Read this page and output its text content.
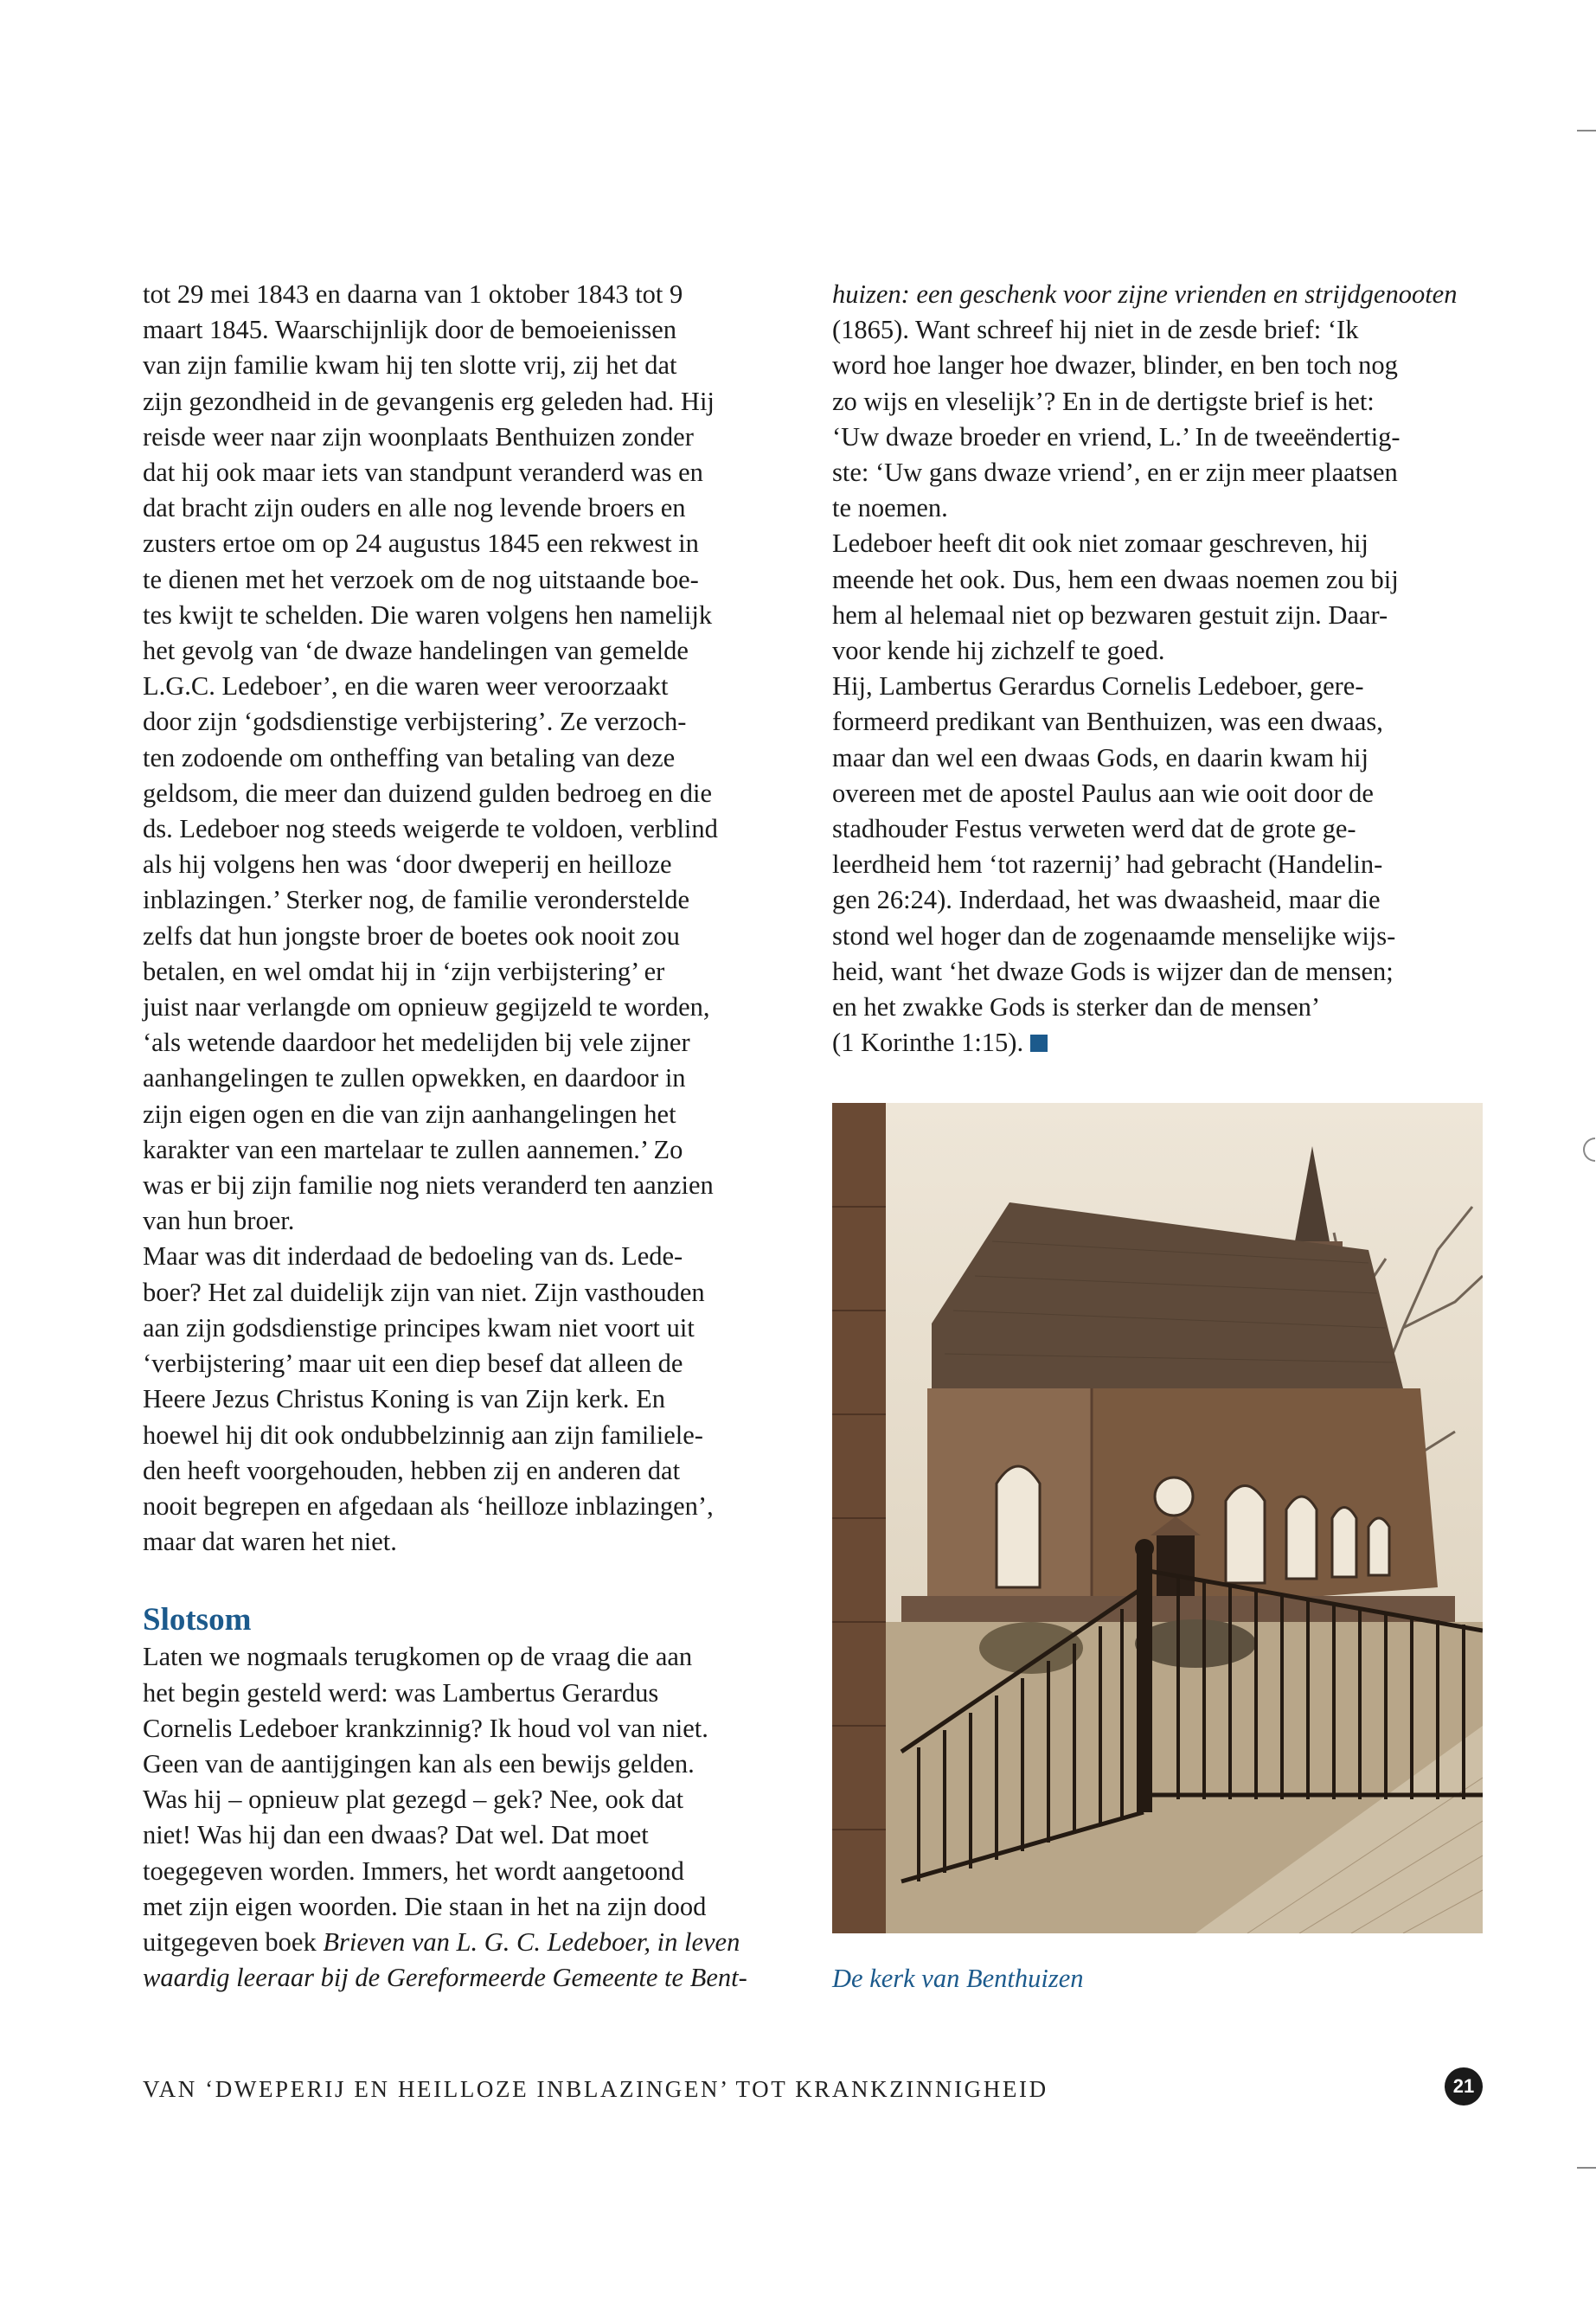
tot 29 mei 1843 en daarna van 1 oktober 1843 tot 9

maart 1845. Waarschijnlijk door de bemoeienissen

van zijn familie kwam hij ten slotte vrij, zij het dat

zijn gezondheid in de gevangenis erg geleden had. Hij

reisde weer naar zijn woonplaats Benthuizen zonder

dat hij ook maar iets van standpunt veranderd was en

dat bracht zijn ouders en alle nog levende broers en

zusters ertoe om op 24 augustus 1845 een rekwest in

te dienen met het verzoek om de nog uitstaande boe-

tes kwijt te schelden. Die waren volgens hen namelijk

het gevolg van ‘de dwaze handelingen van gemelde

L.G.C. Ledeboer’, en die waren weer veroorzaakt

door zijn ‘godsdienstige verbijstering’. Ze verzoch-

ten zodoende om ontheffing van betaling van deze

geldsom, die meer dan duizend gulden bedroeg en die

ds. Ledeboer nog steeds weigerde te voldoen, verblind

als hij volgens hen was ‘door dweperij en heilloze

inblazingen.’ Sterker nog, de familie veronderstelde

zelfs dat hun jongste broer de boetes ook nooit zou

betalen, en wel omdat hij in ‘zijn verbijstering’ er

juist naar verlangde om opnieuw gegijzeld te worden,

‘als wetende daardoor het medelijden bij vele zijner

aanhangelingen te zullen opwekken, en daardoor in

zijn eigen ogen en die van zijn aanhangelingen het

karakter van een martelaar te zullen aannemen.’ Zo

was er bij zijn familie nog niets veranderd ten aanzien

van hun broer.

Maar was dit inderdaad de bedoeling van ds. Lede-

boer? Het zal duidelijk zijn van niet. Zijn vasthouden

aan zijn godsdienstige principes kwam niet voort uit

‘verbijstering’ maar uit een diep besef dat alleen de

Heere Jezus Christus Koning is van Zijn kerk. En

hoewel hij dit ook ondubbelzinnig aan zijn familiele-

den heeft voorgehouden, hebben zij en anderen dat

nooit begrepen en afgedaan als ‘heilloze inblazingen’,

maar dat waren het niet.

Slotsom

Laten we nogmaals terugkomen op de vraag die aan

het begin gesteld werd: was Lambertus Gerardus

Cornelis Ledeboer krankzinnig? Ik houd vol van niet.

Geen van de aantijgingen kan als een bewijs gelden.

Was hij – opnieuw plat gezegd – gek? Nee, ook dat

niet! Was hij dan een dwaas? Dat wel. Dat moet

toegegeven worden. Immers, het wordt aangetoond

met zijn eigen woorden. Die staan in het na zijn dood

uitgegeven boek Brieven van L. G. C. Ledeboer, in leven

waardig leeraar bij de Gereformeerde Gemeente te Bent-

huizen: een geschenk voor zijne vrienden en strijdgenooten

(1865). Want schreef hij niet in de zesde brief: ‘Ik

word hoe langer hoe dwazer, blinder, en ben toch nog

zo wijs en vleselijk’? En in de dertigste brief is het:

‘Uw dwaze broeder en vriend, L.’ In de tweeëndertig-

ste: ‘Uw gans dwaze vriend’, en er zijn meer plaatsen

te noemen.

Ledeboer heeft dit ook niet zomaar geschreven, hij

meende het ook. Dus, hem een dwaas noemen zou bij

hem al helemaal niet op bezwaren gestuit zijn. Daar-

voor kende hij zichzelf te goed.

Hij, Lambertus Gerardus Cornelis Ledeboer, gere-

formeerd predikant van Benthuizen, was een dwaas,

maar dan wel een dwaas Gods, en daarin kwam hij

overeen met de apostel Paulus aan wie ooit door de

stadhouder Festus verweten werd dat de grote ge-

leerdheid hem ‘tot razernij’ had gebracht (Handelin-

gen 26:24). Inderdaad, het was dwaasheid, maar die

stond wel hoger dan de zogenaamde menselijke wijs-

heid, want ‘het dwaze Gods is wijzer dan de mensen;

en het zwakke Gods is sterker dan de mensen’

(1 Korinthe 1:15).

De kerk van Benthuizen
VAN ‘DWEPERIJ EN HEILLOZE INBLAZINGEN’ TOT KRANKZINNIGHEID	21
